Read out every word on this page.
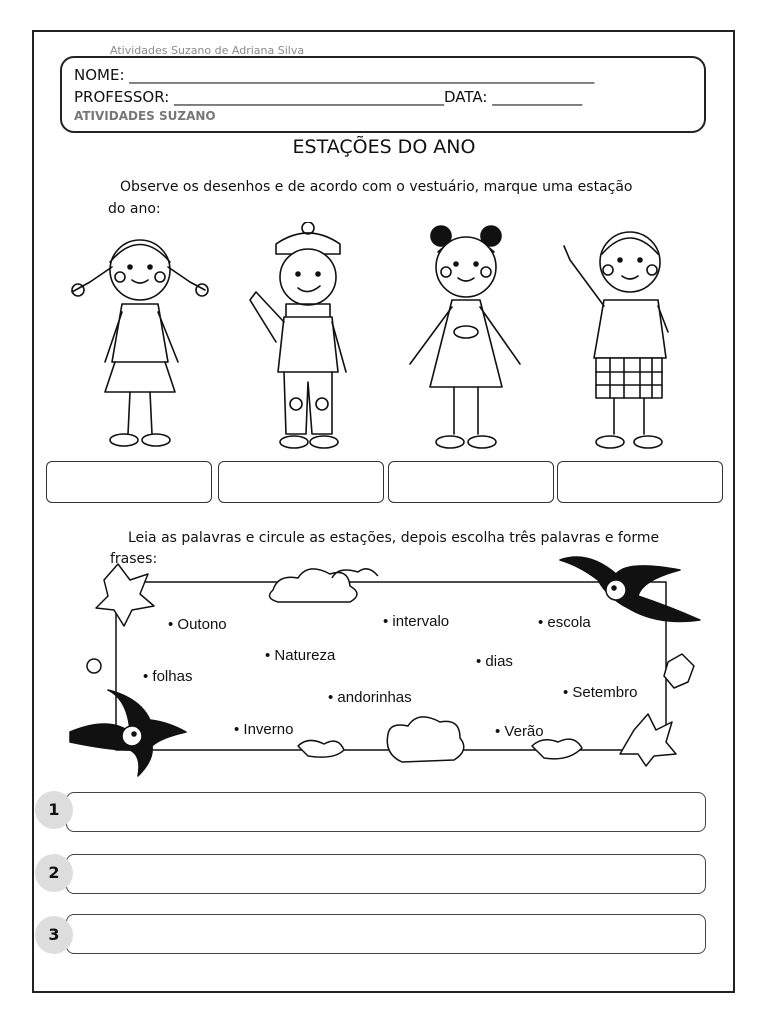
Atividades Suzano de Adriana Silva
NOME: ______________________________________________________________
PROFESSOR: ____________________________________DATA: ____________
ATIVIDADES SUZANO
ESTAÇÕES DO ANO
Observe os desenhos e de acordo com o vestuário, marque uma estação
do ano:
Leia as palavras e circule as estações, depois escolha três palavras e forme
frases:
• Outono	• intervalo	• escola
• Natureza	• dias
• folhas
• Setembro
• andorinhas
• Inverno	• Verão
1
2
3
